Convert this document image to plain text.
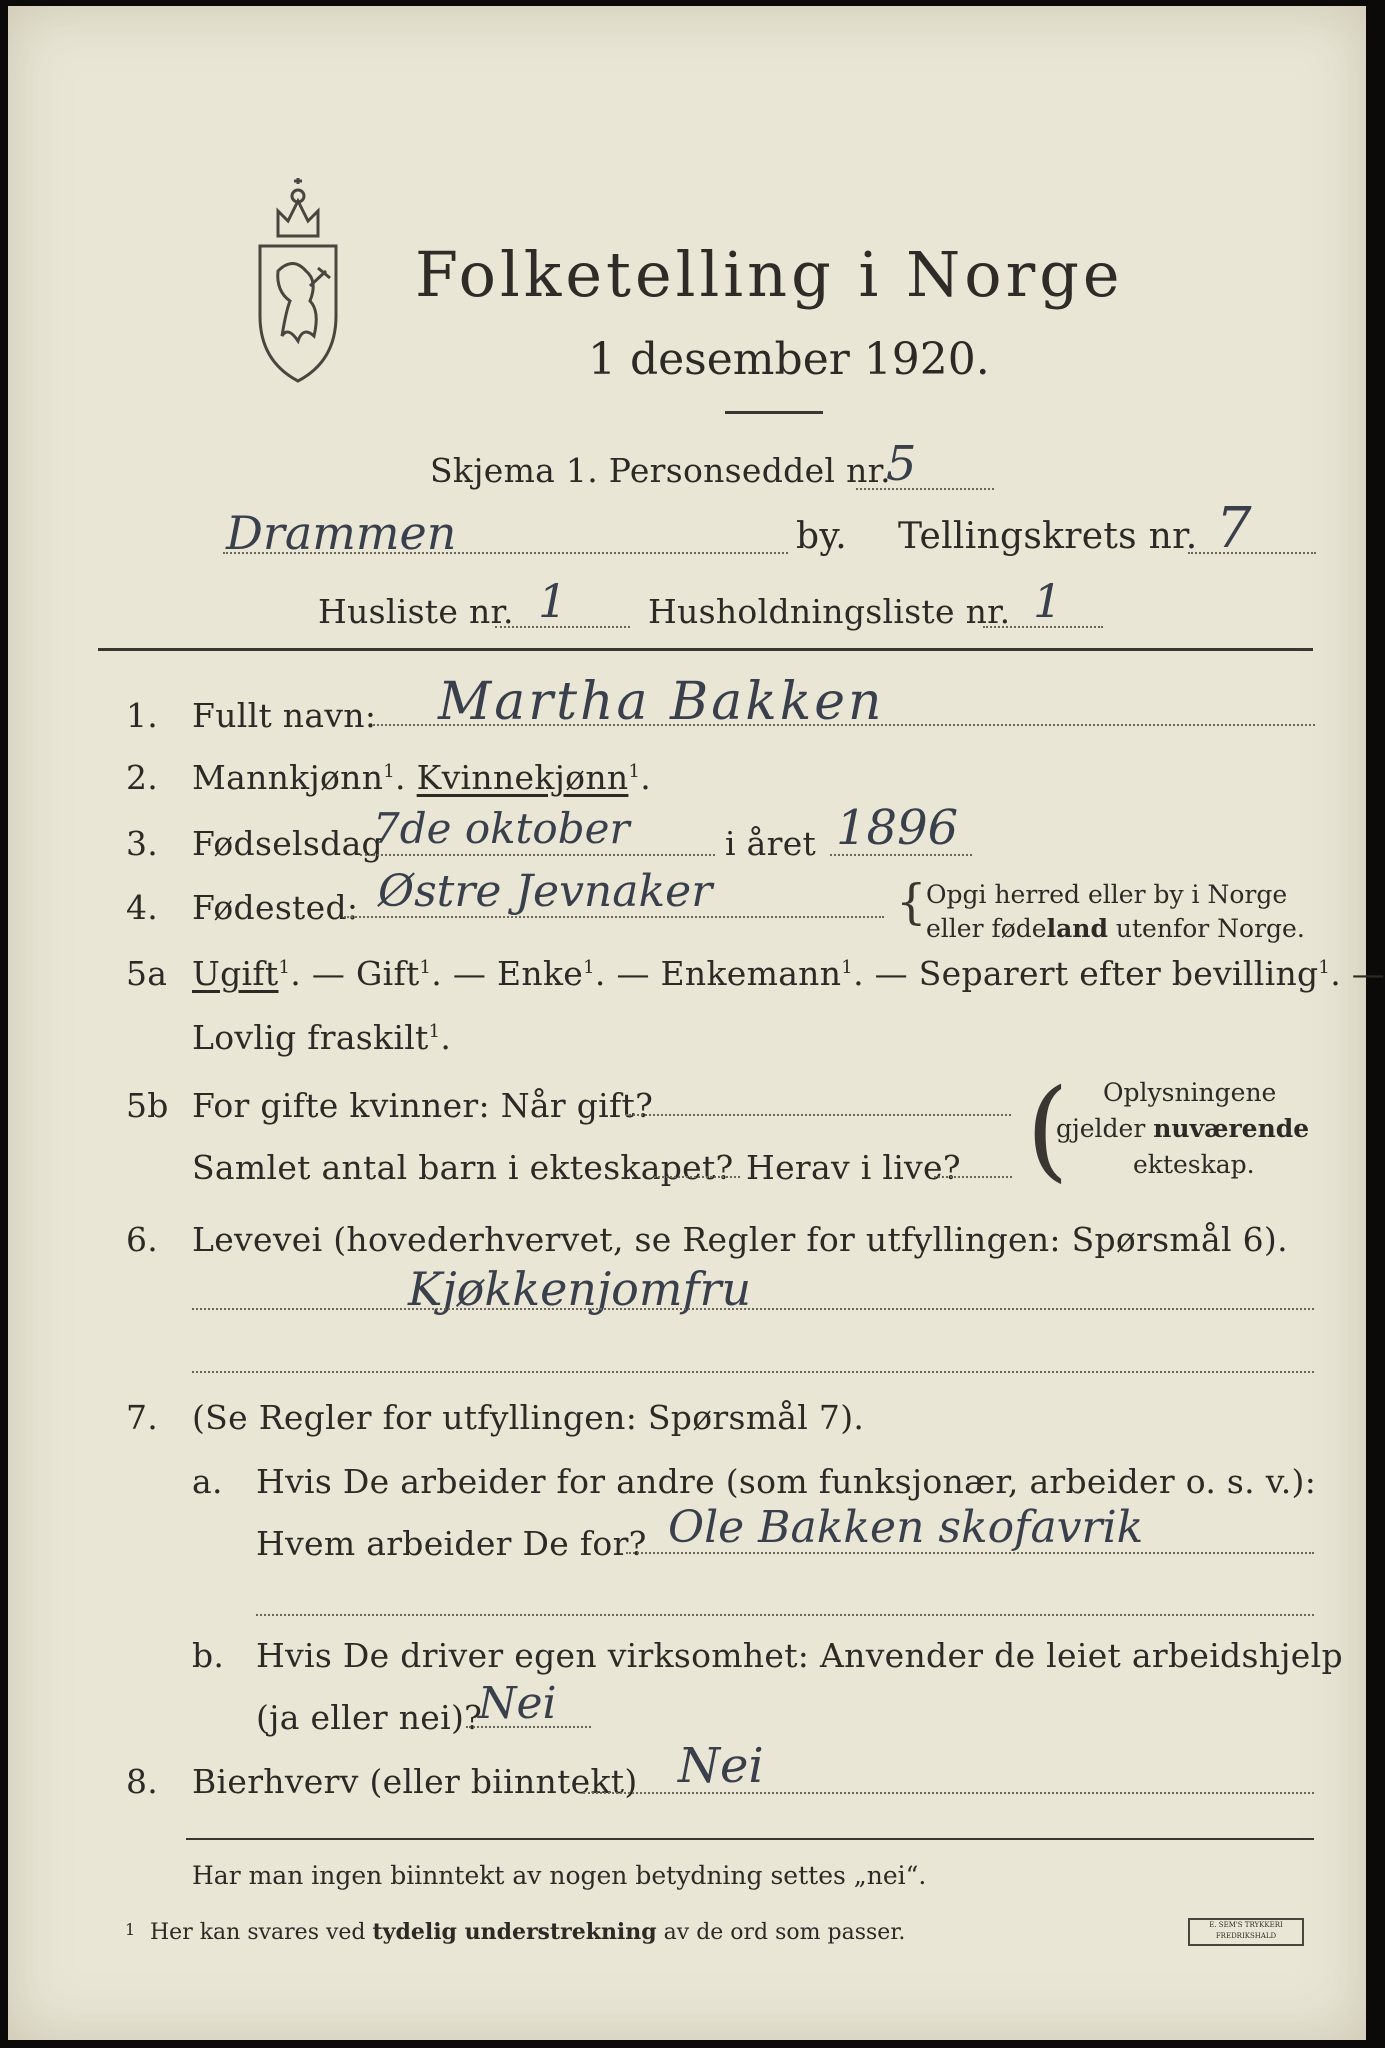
Folketelling i Norge
1 desember 1920.
Skjema 1. Personseddel nr.
5
Drammen	by. Tellingskrets nr. 7
Husliste nr. 1 Husholdningsliste nr. 1
1. Fullt navn: Martha Bakken
2. Mannkjønn$^1$. Kvinnekjønn$^1$.
3. Fødselsdag
7de oktober	i året 1896
4. Fødested: Østre Jevnaker	{ Opgi herred eller by i Norge
eller fødeland utenfor Norge.
5a Ugift$^1$. — Gift$^1$. — Enke$^1$. — Enkemann$^1$. — Separert efter bevilling$^1$. —
Lovlig fraskilt$^1$.
5b For gifte kvinner: Når gift?
Samlet antal barn i ekteskapet? Herav i live? ( Oplysningene
gjelder nuværende
ekteskap.
6. Levevei (hovederhvervet, se Regler for utfyllingen: Spørsmål 6).
Kjøkkenjomfru
7. (Se Regler for utfyllingen: Spørsmål 7).
a. Hvis De arbeider for andre (som funksjonær, arbeider o. s. v.):
Hvem arbeider De for? Ole Bakken skofavrik
b. Hvis De driver egen virksomhet: Anvender de leiet arbeidshjelp
(ja eller nei)?
Nei
8. Bierhverv (eller biinntekt) Nei
Har man ingen biinntekt av nogen betydning settes „nei“.
1 Her kan svares ved tydelig understrekning av de ord som passer.	E. SEM'S TRYKKERI FREDRIKSHALD
